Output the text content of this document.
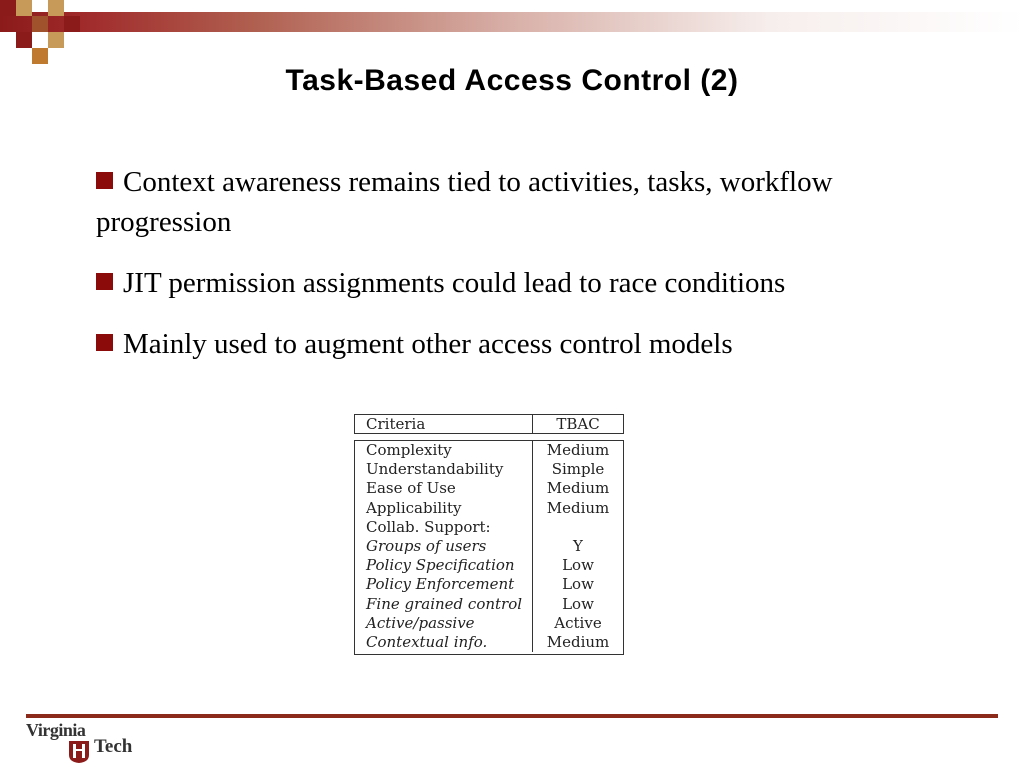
Task-Based Access Control (2)
Context awareness remains tied to activities, tasks, workflow progression
JIT permission assignments could lead to race conditions
Mainly used to augment other access control models
Criteria	TBAC
Complexity
Understandability
Ease of Use
Applicability
Collab. Support:
Groups of users
Policy Specification
Policy Enforcement
Fine grained control
Active/passive
Contextual info.
Medium
Simple
Medium
Medium
Y
Low
Low
Low
Active
Medium
Virginia
Tech
